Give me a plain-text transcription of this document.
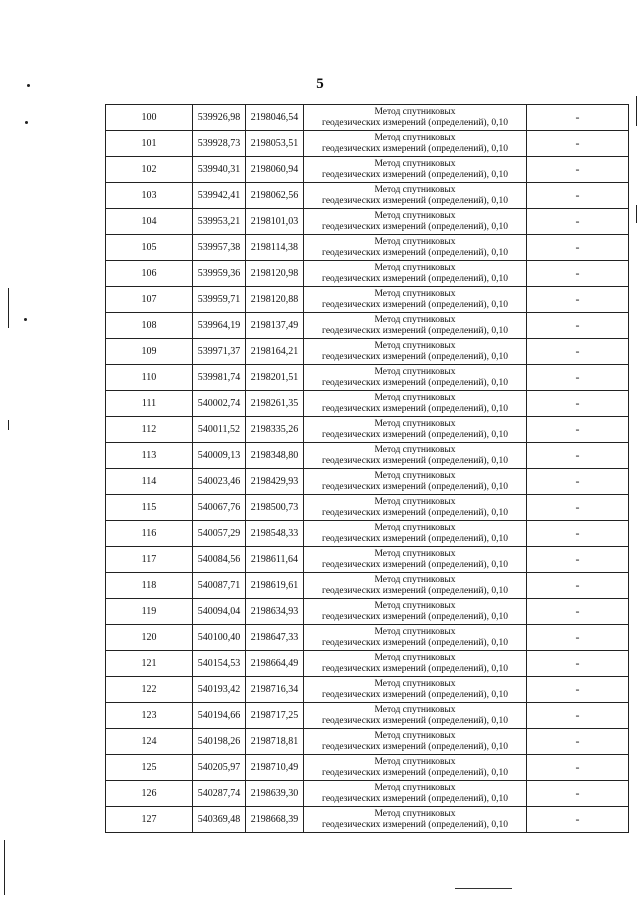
5
100	539926,98	2198046,54	Метод спутниковых
геодезических измерений (определений), 0,10	-
101	539928,73	2198053,51	Метод спутниковых
геодезических измерений (определений), 0,10	-
102	539940,31	2198060,94	Метод спутниковых
геодезических измерений (определений), 0,10	-
103	539942,41	2198062,56	Метод спутниковых
геодезических измерений (определений), 0,10	-
104	539953,21	2198101,03	Метод спутниковых
геодезических измерений (определений), 0,10	-
105	539957,38	2198114,38	Метод спутниковых
геодезических измерений (определений), 0,10	-
106	539959,36	2198120,98	Метод спутниковых
геодезических измерений (определений), 0,10	-
107	539959,71	2198120,88	Метод спутниковых
геодезических измерений (определений), 0,10	-
108	539964,19	2198137,49	Метод спутниковых
геодезических измерений (определений), 0,10	-
109	539971,37	2198164,21	Метод спутниковых
геодезических измерений (определений), 0,10	-
110	539981,74	2198201,51	Метод спутниковых
геодезических измерений (определений), 0,10	-
111	540002,74	2198261,35	Метод спутниковых
геодезических измерений (определений), 0,10	-
112	540011,52	2198335,26	Метод спутниковых
геодезических измерений (определений), 0,10	-
113	540009,13	2198348,80	Метод спутниковых
геодезических измерений (определений), 0,10	-
114	540023,46	2198429,93	Метод спутниковых
геодезических измерений (определений), 0,10	-
115	540067,76	2198500,73	Метод спутниковых
геодезических измерений (определений), 0,10	-
116	540057,29	2198548,33	Метод спутниковых
геодезических измерений (определений), 0,10	-
117	540084,56	2198611,64	Метод спутниковых
геодезических измерений (определений), 0,10	-
118	540087,71	2198619,61	Метод спутниковых
геодезических измерений (определений), 0,10	-
119	540094,04	2198634,93	Метод спутниковых
геодезических измерений (определений), 0,10	-
120	540100,40	2198647,33	Метод спутниковых
геодезических измерений (определений), 0,10	-
121	540154,53	2198664,49	Метод спутниковых
геодезических измерений (определений), 0,10	-
122	540193,42	2198716,34	Метод спутниковых
геодезических измерений (определений), 0,10	-
123	540194,66	2198717,25	Метод спутниковых
геодезических измерений (определений), 0,10	-
124	540198,26	2198718,81	Метод спутниковых
геодезических измерений (определений), 0,10	-
125	540205,97	2198710,49	Метод спутниковых
геодезических измерений (определений), 0,10	-
126	540287,74	2198639,30	Метод спутниковых
геодезических измерений (определений), 0,10	-
127	540369,48	2198668,39	Метод спутниковых
геодезических измерений (определений), 0,10	-
